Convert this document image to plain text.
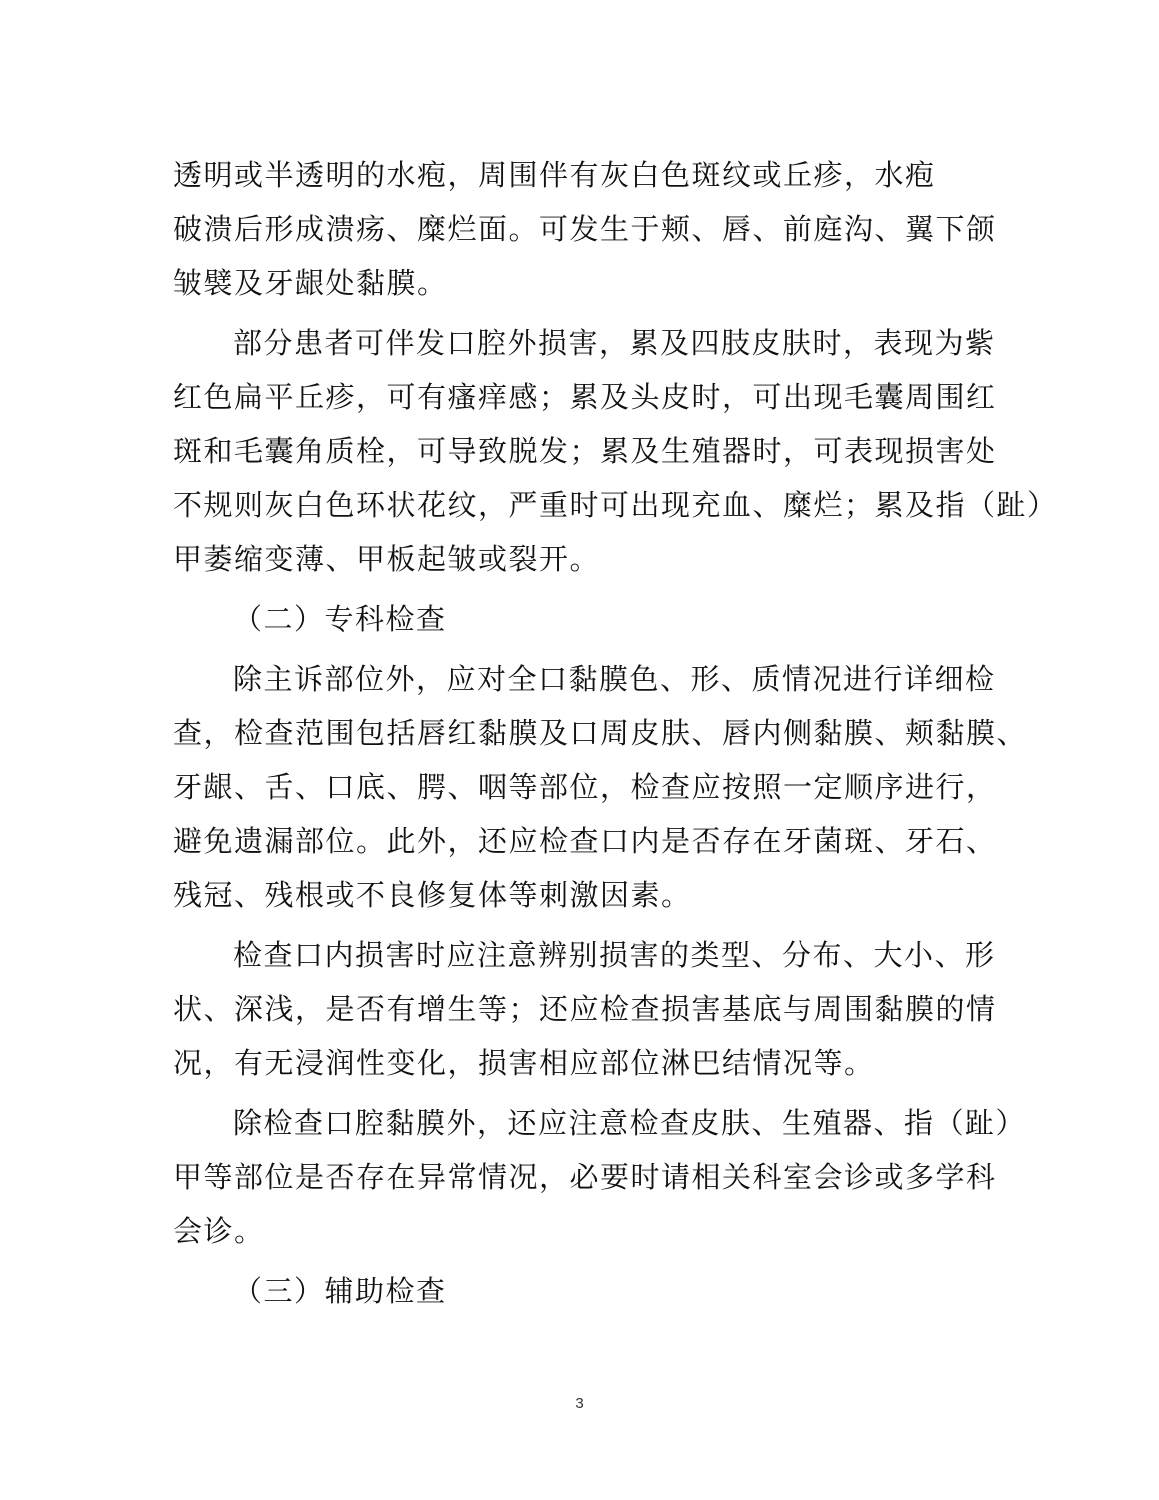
透明或半透明的水疱，周围伴有灰白色斑纹或丘疹，水疱
破溃后形成溃疡、糜烂面。可发生于颊、唇、前庭沟、翼下颌
皱襞及牙龈处黏膜。

部分患者可伴发口腔外损害，累及四肢皮肤时，表现为紫
红色扁平丘疹，可有瘙痒感；累及头皮时，可出现毛囊周围红
斑和毛囊角质栓，可导致脱发；累及生殖器时，可表现损害处
不规则灰白色环状花纹，严重时可出现充血、糜烂；累及指（趾）
甲萎缩变薄、甲板起皱或裂开。

（二）专科检查

除主诉部位外，应对全口黏膜色、形、质情况进行详细检
查，检查范围包括唇红黏膜及口周皮肤、唇内侧黏膜、颊黏膜、
牙龈、舌、口底、腭、咽等部位，检查应按照一定顺序进行，
避免遗漏部位。此外，还应检查口内是否存在牙菌斑、牙石、
残冠、残根或不良修复体等刺激因素。

检查口内损害时应注意辨别损害的类型、分布、大小、形
状、深浅，是否有增生等；还应检查损害基底与周围黏膜的情
况，有无浸润性变化，损害相应部位淋巴结情况等。

除检查口腔黏膜外，还应注意检查皮肤、生殖器、指（趾）
甲等部位是否存在异常情况，必要时请相关科室会诊或多学科
会诊。

（三）辅助检查

3
